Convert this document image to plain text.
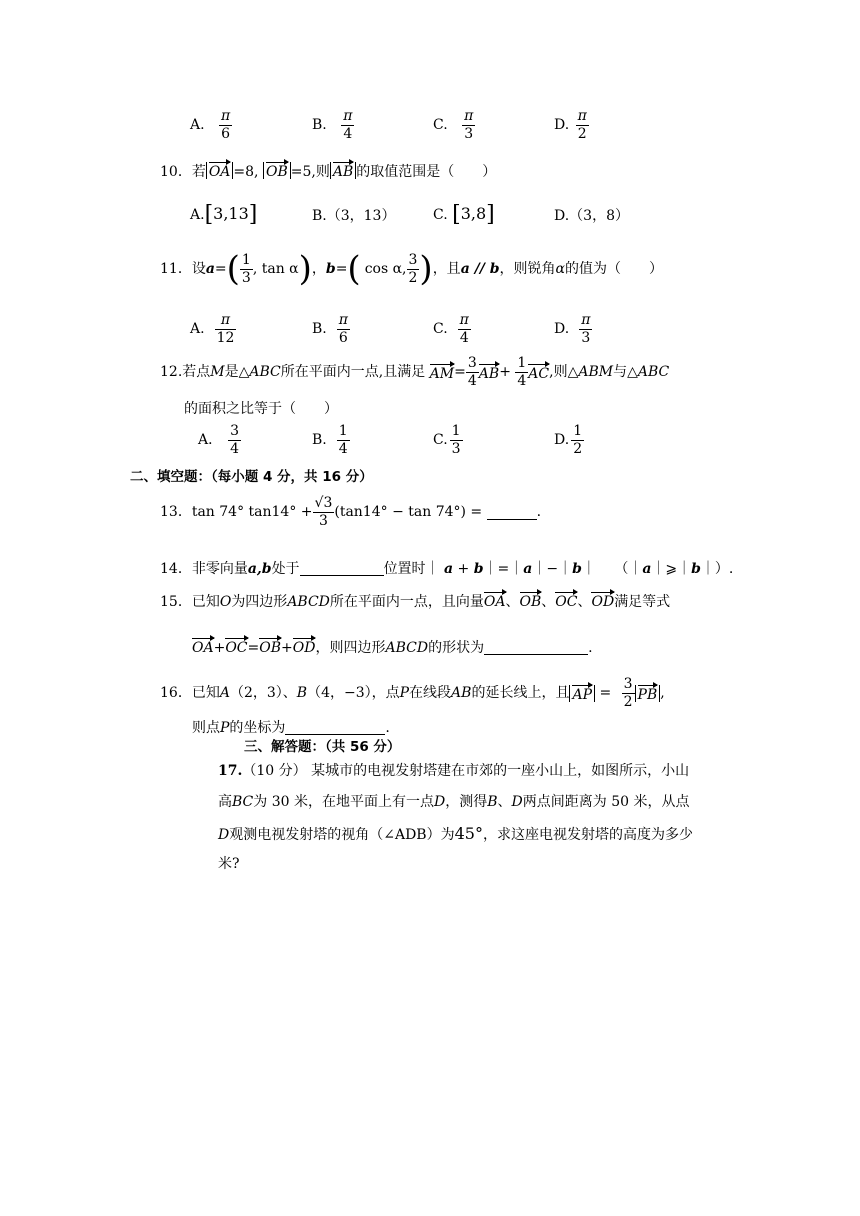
A. $\frac{\pi}{6}$	B. $\frac{\pi}{4}$	C. $\frac{\pi}{3}$	D. $\frac{\pi}{2}$
10．若 OA =8, OB =5,则 AB 的取值范围是（　　）
A.[3,13]	B.（3，13）	C. [3,8]	D.（3，8）
11．设$a=( \frac{1}{3}$ , tan α)，b=( cos α, $\frac{3}{2}$ )，且a // b，则锐角α的值为（　　）
A. $\frac{\pi}{12}$	B. $\frac{\pi}{6}$	C. $\frac{\pi}{4}$	D. $\frac{\pi}{3}$
12.若点M是△ABC所在平面内一点,且满足 $AM= \frac{3}{4} AB+ \frac{1}{4}$ AC,则△ABM与△ABC
的面积之比等于（　　）
A． $\frac{3}{4}$	B. $\frac{1}{4}$	C. $\frac{1}{3}$	D. $\frac{1}{2}$
二、填空题：（每小题 4 分，共 16 分）
13．tan 74° $\tan 14^\circ + \frac{√3}{3} (\tan 14^\circ - \tan 74^\circ)$ =	.
14．非零向量a,b处于	位置时｜ a + b｜=｜a｜−｜b｜ （｜a｜⩾｜b｜）.
15．已知O为四边形ABCD所在平面内一点，且向量OA、OB、OC、OD满足等式
OA+OC=OB+OD，则四边形ABCD的形状为	.
16．已知A（2，3）、B（4，−3），点P在线段AB的延长线上，且 AP = $\frac{3}{2}$ PB ,
则点P的坐标为	.
三、解答题：（共 56 分）
17.（10 分） 某城市的电视发射塔建在市郊的一座小山上，如图所示，小山
高BC为 30 米，在地平面上有一点D，测得B、D两点间距离为 50 米，从点
D观测电视发射塔的视角（∠ADB）为45°，求这座电视发射塔的高度为多少
米?
